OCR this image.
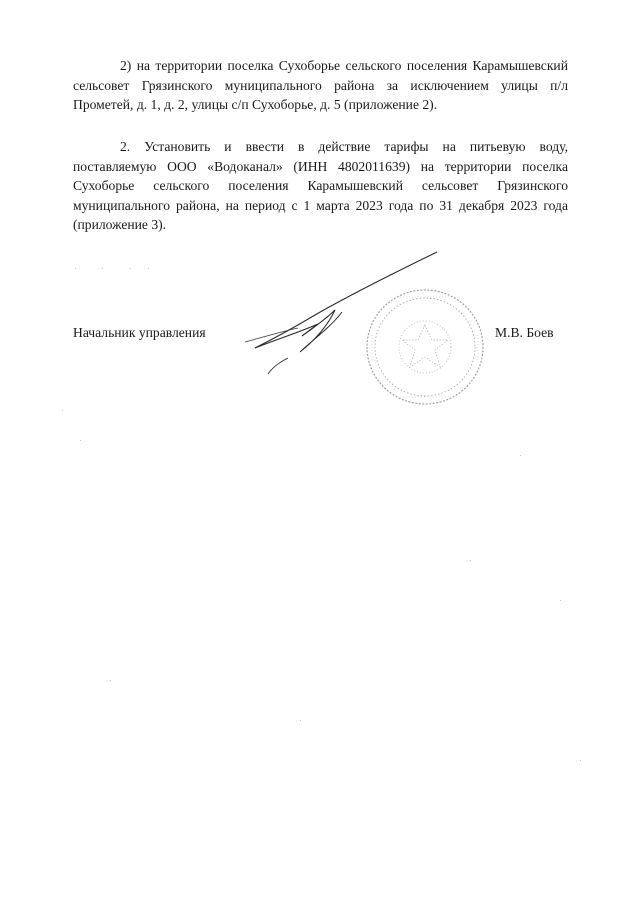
2) на территории поселка Сухоборье сельского поселения Карамышевский
сельсовет Грязинского муниципального района за исключением улицы п/л
Прометей, д. 1, д. 2, улицы с/п Сухоборье, д. 5 (приложение 2).
2. Установить и ввести в действие тарифы на питьевую воду,
поставляемую ООО «Водоканал» (ИНН 4802011639) на территории поселка
Сухоборье сельского поселения Карамышевский сельсовет Грязинского
муниципального района, на период с 1 марта 2023 года по 31 декабря 2023 года
(приложение 3).
Начальник управления	М.В. Боев
